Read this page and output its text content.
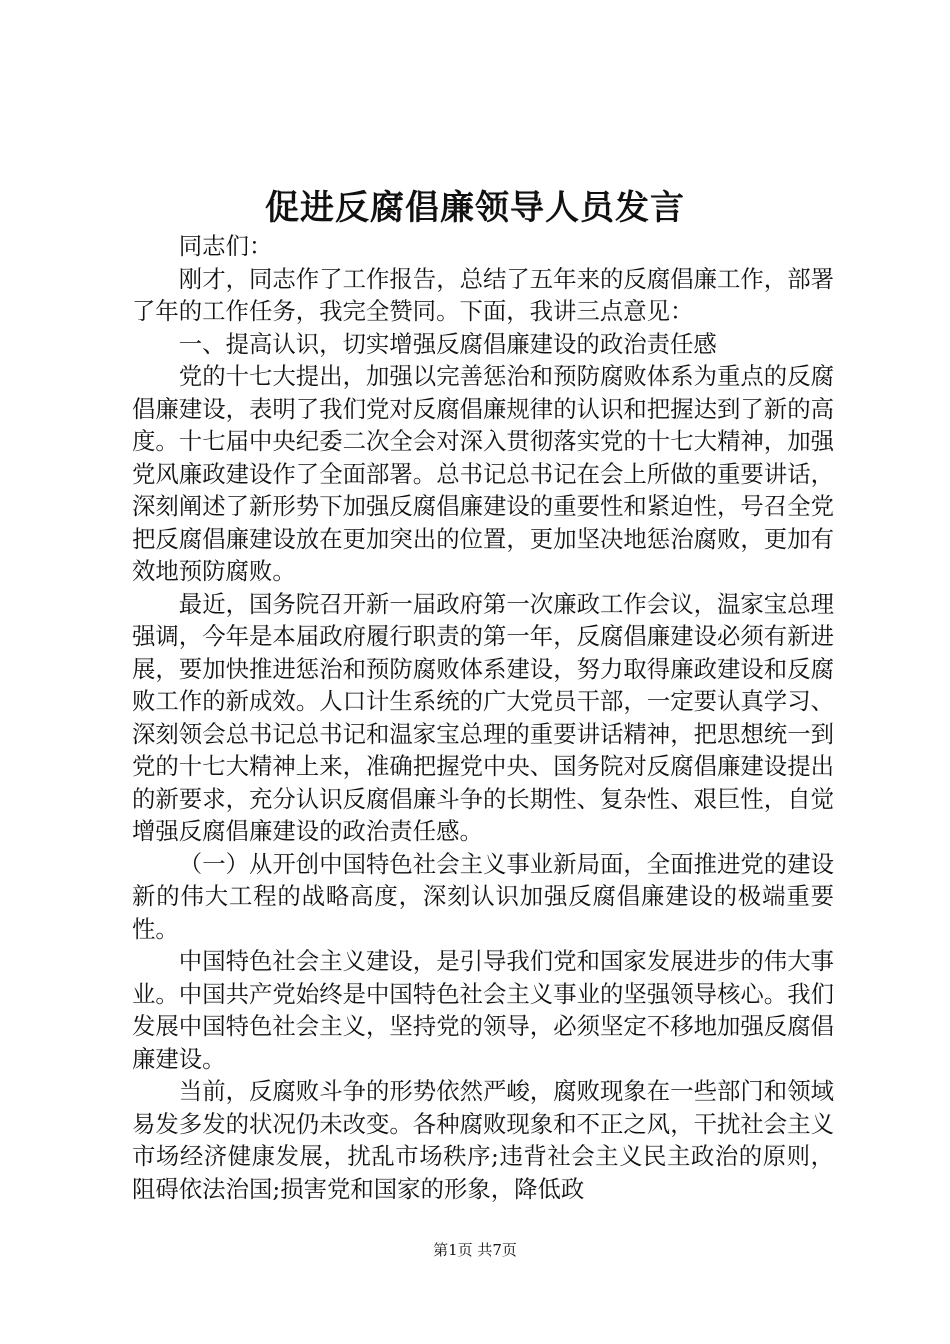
促进反腐倡廉领导人员发言

同志们：

刚才，同志作了工作报告，总结了五年来的反腐倡廉工作，部署了年的工作任务，我完全赞同。下面，我讲三点意见：

一、提高认识，切实增强反腐倡廉建设的政治责任感

党的十七大提出，加强以完善惩治和预防腐败体系为重点的反腐倡廉建设，表明了我们党对反腐倡廉规律的认识和把握达到了新的高度。十七届中央纪委二次全会对深入贯彻落实党的十七大精神，加强党风廉政建设作了全面部署。总书记总书记在会上所做的重要讲话，深刻阐述了新形势下加强反腐倡廉建设的重要性和紧迫性，号召全党把反腐倡廉建设放在更加突出的位置，更加坚决地惩治腐败，更加有效地预防腐败。

最近，国务院召开新一届政府第一次廉政工作会议，温家宝总理强调，今年是本届政府履行职责的第一年，反腐倡廉建设必须有新进展，要加快推进惩治和预防腐败体系建设，努力取得廉政建设和反腐败工作的新成效。人口计生系统的广大党员干部，一定要认真学习、深刻领会总书记总书记和温家宝总理的重要讲话精神，把思想统一到党的十七大精神上来，准确把握党中央、国务院对反腐倡廉建设提出的新要求，充分认识反腐倡廉斗争的长期性、复杂性、艰巨性，自觉增强反腐倡廉建设的政治责任感。

（一）从开创中国特色社会主义事业新局面，全面推进党的建设新的伟大工程的战略高度，深刻认识加强反腐倡廉建设的极端重要性。

中国特色社会主义建设，是引导我们党和国家发展进步的伟大事业。中国共产党始终是中国特色社会主义事业的坚强领导核心。我们发展中国特色社会主义，坚持党的领导，必须坚定不移地加强反腐倡廉建设。

当前，反腐败斗争的形势依然严峻，腐败现象在一些部门和领域易发多发的状况仍未改变。各种腐败现象和不正之风，干扰社会主义市场经济健康发展，扰乱市场秩序;违背社会主义民主政治的原则，阻碍依法治国;损害党和国家的形象，降低政

第1页 共7页
